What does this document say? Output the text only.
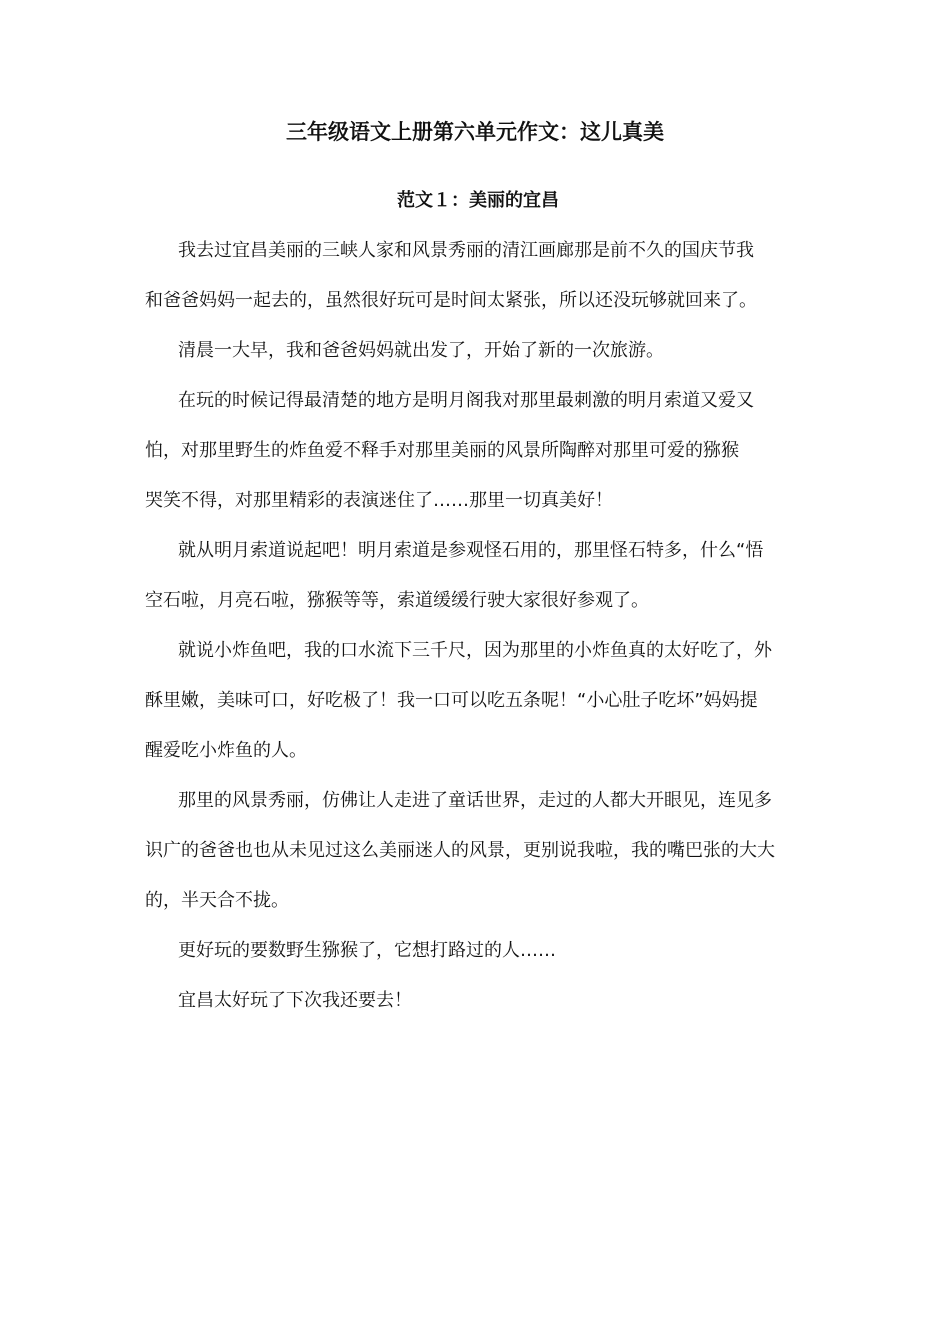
三年级语文上册第六单元作文：这儿真美
范文１：美丽的宜昌

我去过宜昌美丽的三峡人家和风景秀丽的清江画廊那是前不久的国庆节我
和爸爸妈妈一起去的，虽然很好玩可是时间太紧张，所以还没玩够就回来了。

清晨一大早，我和爸爸妈妈就出发了，开始了新的一次旅游。

在玩的时候记得最清楚的地方是明月阁我对那里最刺激的明月索道又爱又
怕，对那里野生的炸鱼爱不释手对那里美丽的风景所陶醉对那里可爱的猕猴
哭笑不得，对那里精彩的表演迷住了……那里一切真美好！

就从明月索道说起吧！明月索道是参观怪石用的，那里怪石特多，什么“悟
空石啦，月亮石啦，猕猴等等，索道缓缓行驶大家很好参观了。

就说小炸鱼吧，我的口水流下三千尺，因为那里的小炸鱼真的太好吃了，外
酥里嫩，美味可口，好吃极了！我一口可以吃五条呢！“小心肚子吃坏”妈妈提
醒爱吃小炸鱼的人。

那里的风景秀丽，仿佛让人走进了童话世界，走过的人都大开眼见，连见多
识广的爸爸也也从未见过这么美丽迷人的风景，更别说我啦，我的嘴巴张的大大
的，半天合不拢。

更好玩的要数野生猕猴了，它想打路过的人……

宜昌太好玩了下次我还要去！
